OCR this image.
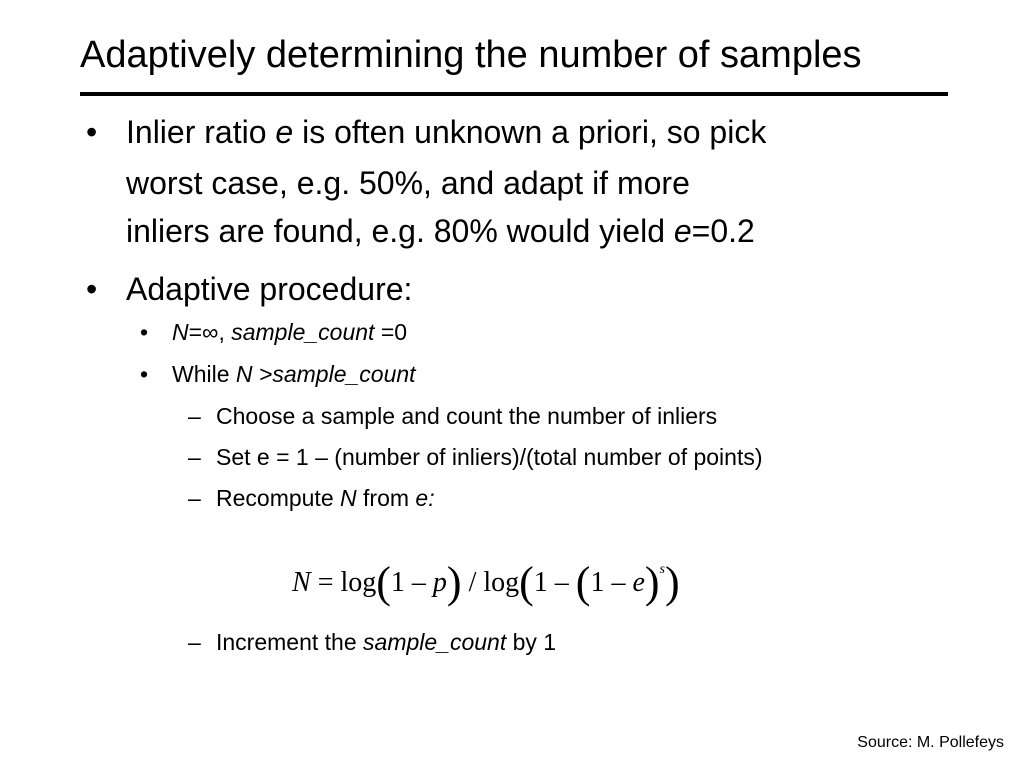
Adaptively determining the number of samples
• Inlier ratio e is often unknown a priori, so pick
worst case, e.g. 50%, and adapt if more
inliers are found, e.g. 80% would yield e=0.2
• Adaptive procedure:
• N=∞, sample_count =0
• While N >sample_count
– Choose a sample and count the number of inliers
– Set e = 1 – (number of inliers)/(total number of points)
– Recompute N from e:
N = log(1 – p) / log(1 – (1 – e)$^s$)
– Increment the sample_count by 1
Source: M. Pollefeys
